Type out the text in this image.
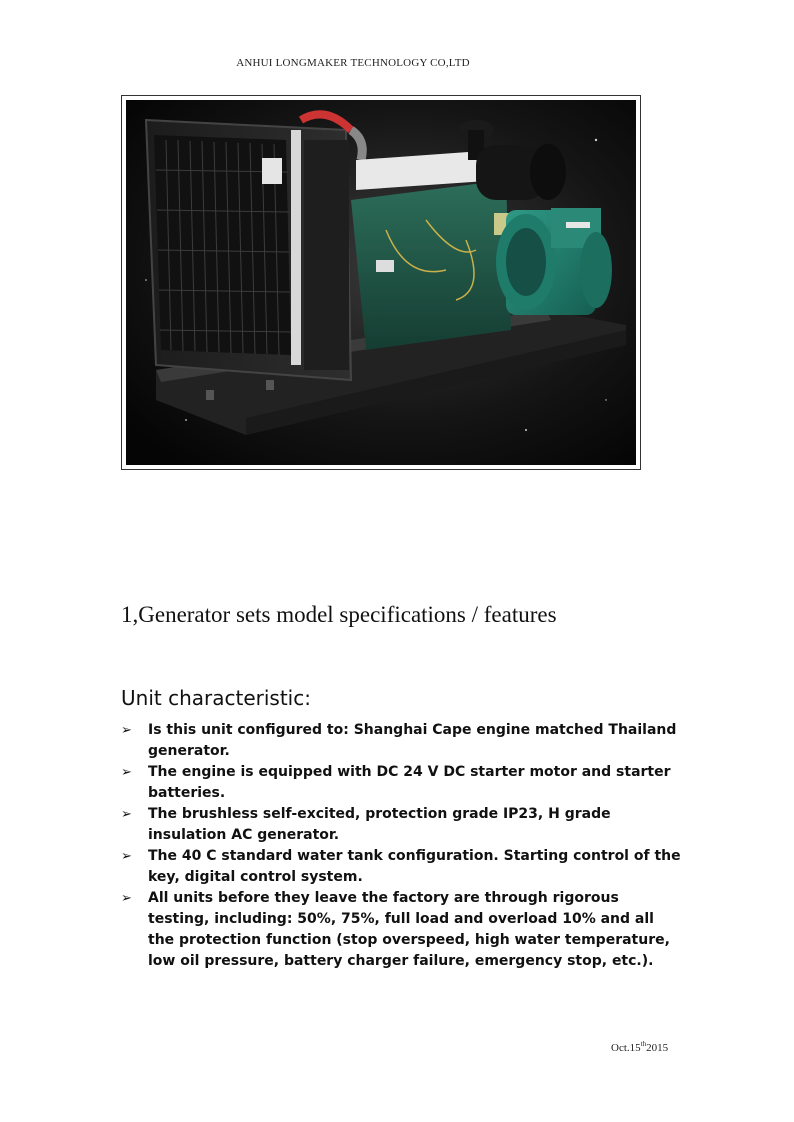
ANHUI LONGMAKER TECHNOLOGY CO,LTD
1,Generator sets model specifications / features
Unit characteristic:
➢ Is this unit configured to: Shanghai Cape engine matched Thailand generator.
➢ The engine is equipped with DC 24 V DC starter motor and starter batteries.
➢ The brushless self-excited, protection grade IP23, H grade insulation AC generator.
➢ The 40 C standard water tank configuration. Starting control of the key, digital control system.
➢ All units before they leave the factory are through rigorous testing, including: 50%, 75%, full load and overload 10% and all the protection function (stop overspeed, high water temperature, low oil pressure, battery charger failure, emergency stop, etc.).
Oct.15th2015
